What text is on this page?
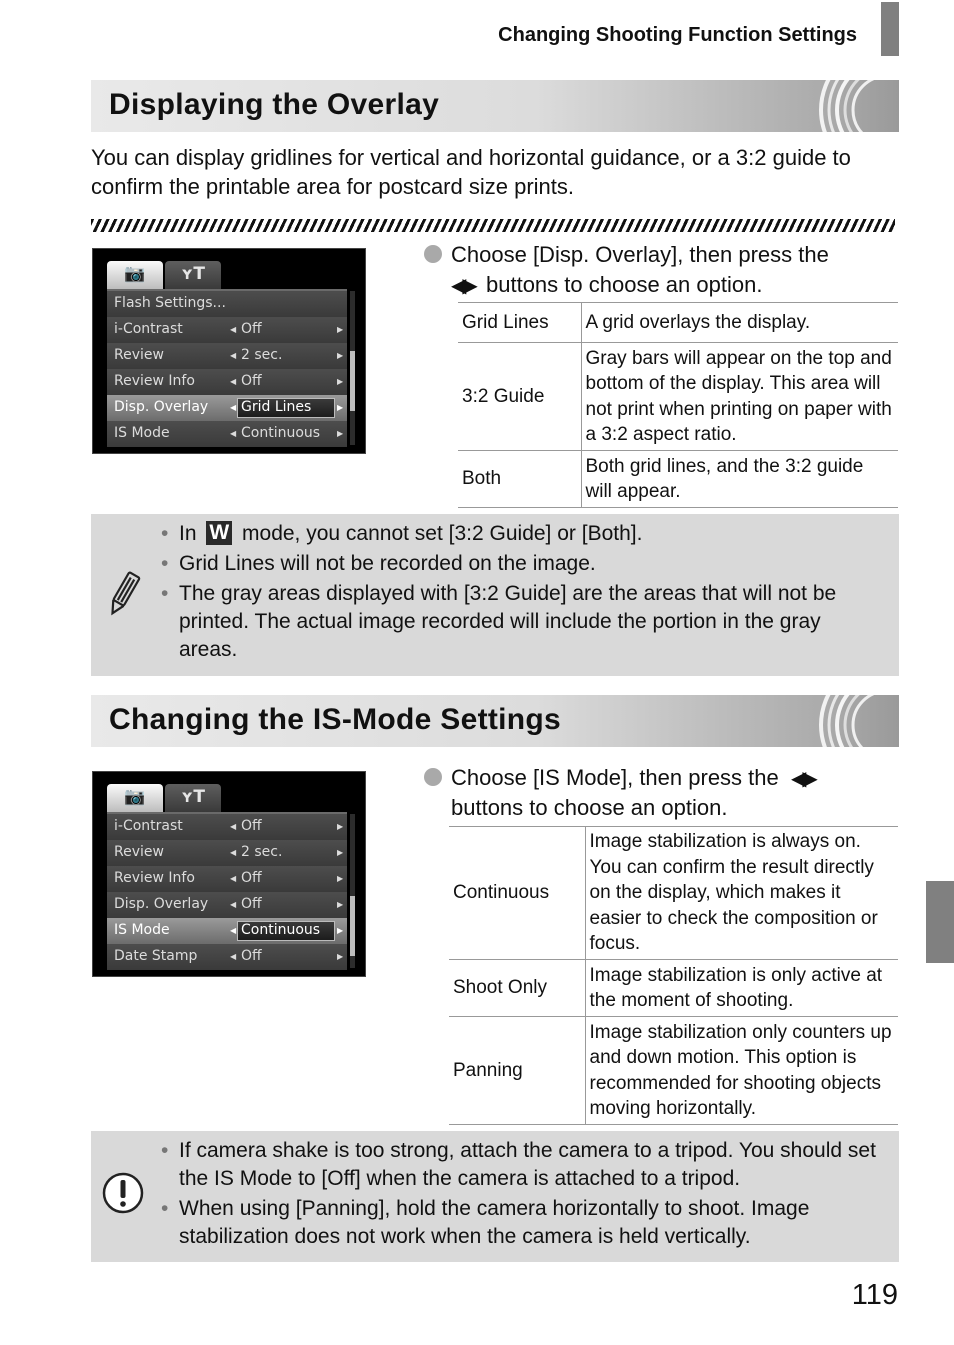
Changing Shooting Function Settings
Displaying the Overlay
You can display gridlines for vertical and horizontal guidance, or a 3:2 guide to confirm the printable area for postcard size prints.
📷	ʏT
Flash Settings...
i-Contrast	◀ Off	▶
Review	◀ 2 sec.	▶
Review Info	◀ Off	▶
Disp. Overlay	◀ Grid Lines	▶
IS Mode	◀ Continuous ▶
Choose [Disp. Overlay], then press the
◀▶ buttons to choose an option.
Grid Lines	A grid overlays the display.
3:2 Guide	Gray bars will appear on the top and bottom of the display. This area will not print when printing on paper with a 3:2 aspect ratio.
Both	Both grid lines, and the 3:2 guide will appear.
• In W mode, you cannot set [3:2 Guide] or [Both].
• Grid Lines will not be recorded on the image.
• The gray areas displayed with [3:2 Guide] are the areas that will not be printed. The actual image recorded will include the portion in the gray areas.
Changing the IS-Mode Settings
📷	ʏT
i-Contrast	◀ Off	▶
Review	◀ 2 sec.	▶
Review Info	◀ Off	▶
Disp. Overlay	◀ Off	▶
IS Mode	◀ Continuous ▶
Date Stamp	◀ Off	▶
Choose [IS Mode], then press the ◀▶
buttons to choose an option.
Continuous	Image stabilization is always on. You can confirm the result directly on the display, which makes it easier to check the composition or focus.
Shoot Only	Image stabilization is only active at the moment of shooting.
Panning	Image stabilization only counters up and down motion. This option is recommended for shooting objects moving horizontally.
• If camera shake is too strong, attach the camera to a tripod. You should set the IS Mode to [Off] when the camera is attached to a tripod.
• When using [Panning], hold the camera horizontally to shoot. Image stabilization does not work when the camera is held vertically.
119
